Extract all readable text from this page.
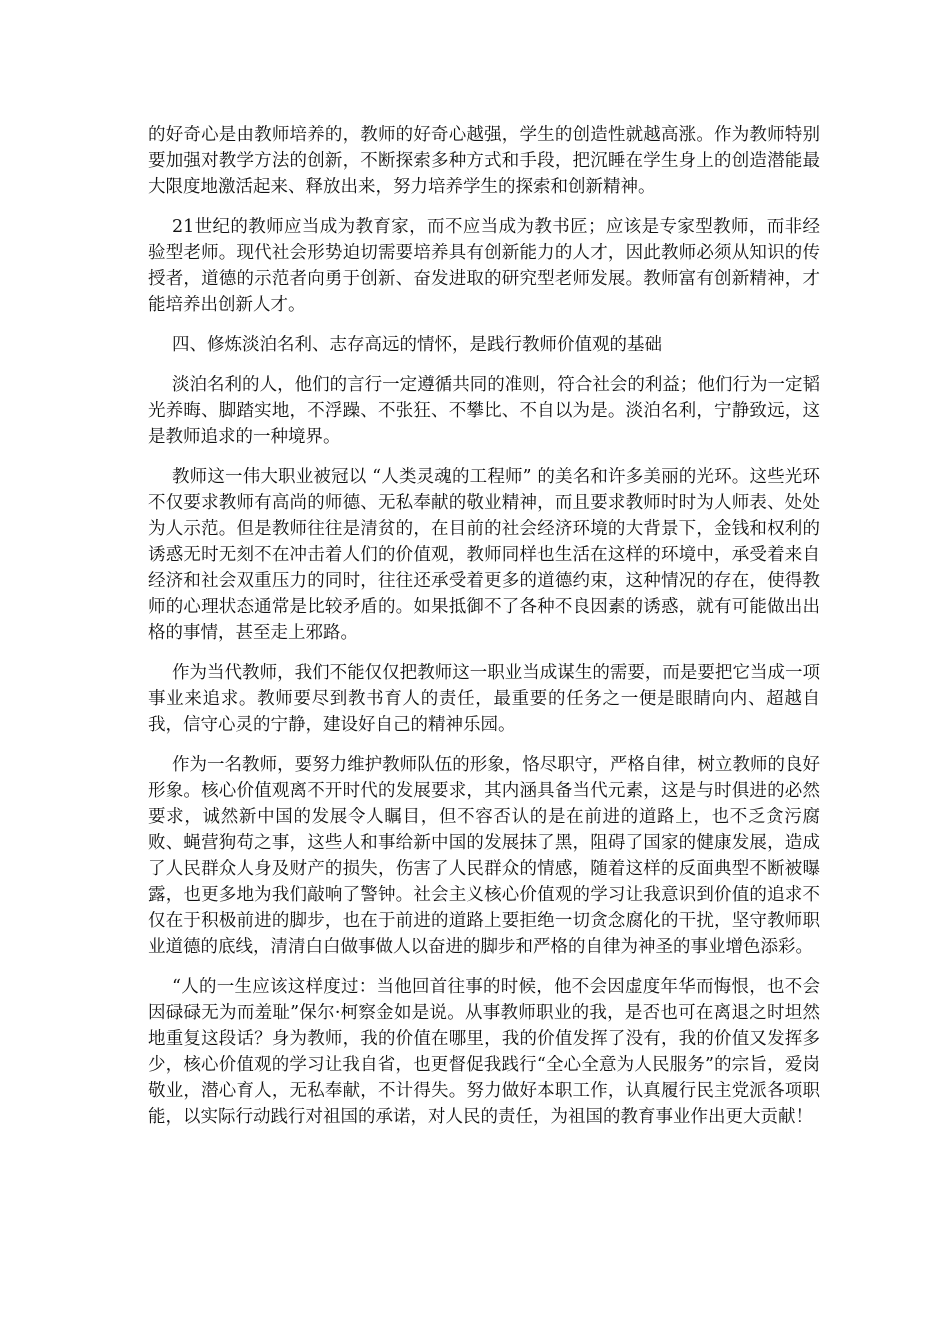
的好奇心是由教师培养的，教师的好奇心越强，学生的创造性就越高涨。作为教师特别要加强对教学方法的创新，不断探索多种方式和手段，把沉睡在学生身上的创造潜能最大限度地激活起来、释放出来，努力培养学生的探索和创新精神。

21世纪的教师应当成为教育家，而不应当成为教书匠；应该是专家型教师，而非经验型老师。现代社会形势迫切需要培养具有创新能力的人才，因此教师必须从知识的传授者，道德的示范者向勇于创新、奋发进取的研究型老师发展。教师富有创新精神，才能培养出创新人才。

四、修炼淡泊名利、志存高远的情怀，是践行教师价值观的基础

淡泊名利的人，他们的言行一定遵循共同的准则，符合社会的利益；他们行为一定韬光养晦、脚踏实地，不浮躁、不张狂、不攀比、不自以为是。淡泊名利，宁静致远，这是教师追求的一种境界。

教师这一伟大职业被冠以 “人类灵魂的工程师” 的美名和许多美丽的光环。这些光环不仅要求教师有高尚的师德、无私奉献的敬业精神，而且要求教师时时为人师表、处处为人示范。但是教师往往是清贫的，在目前的社会经济环境的大背景下，金钱和权利的诱惑无时无刻不在冲击着人们的价值观，教师同样也生活在这样的环境中，承受着来自经济和社会双重压力的同时，往往还承受着更多的道德约束，这种情况的存在，使得教师的心理状态通常是比较矛盾的。如果抵御不了各种不良因素的诱惑，就有可能做出出格的事情，甚至走上邪路。

作为当代教师，我们不能仅仅把教师这一职业当成谋生的需要，而是要把它当成一项事业来追求。教师要尽到教书育人的责任，最重要的任务之一便是眼睛向内、超越自我，信守心灵的宁静，建设好自己的精神乐园。

作为一名教师，要努力维护教师队伍的形象，恪尽职守，严格自律，树立教师的良好形象。核心价值观离不开时代的发展要求，其内涵具备当代元素，这是与时俱进的必然要求，诚然新中国的发展令人瞩目，但不容否认的是在前进的道路上，也不乏贪污腐败、蝇营狗苟之事，这些人和事给新中国的发展抹了黑，阻碍了国家的健康发展，造成了人民群众人身及财产的损失，伤害了人民群众的情感，随着这样的反面典型不断被曝露，也更多地为我们敲响了警钟。社会主义核心价值观的学习让我意识到价值的追求不仅在于积极前进的脚步，也在于前进的道路上要拒绝一切贪念腐化的干扰，坚守教师职业道德的底线，清清白白做事做人以奋进的脚步和严格的自律为神圣的事业增色添彩。

“人的一生应该这样度过：当他回首往事的时候，他不会因虚度年华而悔恨，也不会因碌碌无为而羞耻”保尔·柯察金如是说。从事教师职业的我，是否也可在离退之时坦然地重复这段话？身为教师，我的价值在哪里，我的价值发挥了没有，我的价值又发挥多少，核心价值观的学习让我自省，也更督促我践行“全心全意为人民服务”的宗旨，爱岗敬业，潜心育人，无私奉献，不计得失。努力做好本职工作，认真履行民主党派各项职能，以实际行动践行对祖国的承诺，对人民的责任，为祖国的教育事业作出更大贡献！
